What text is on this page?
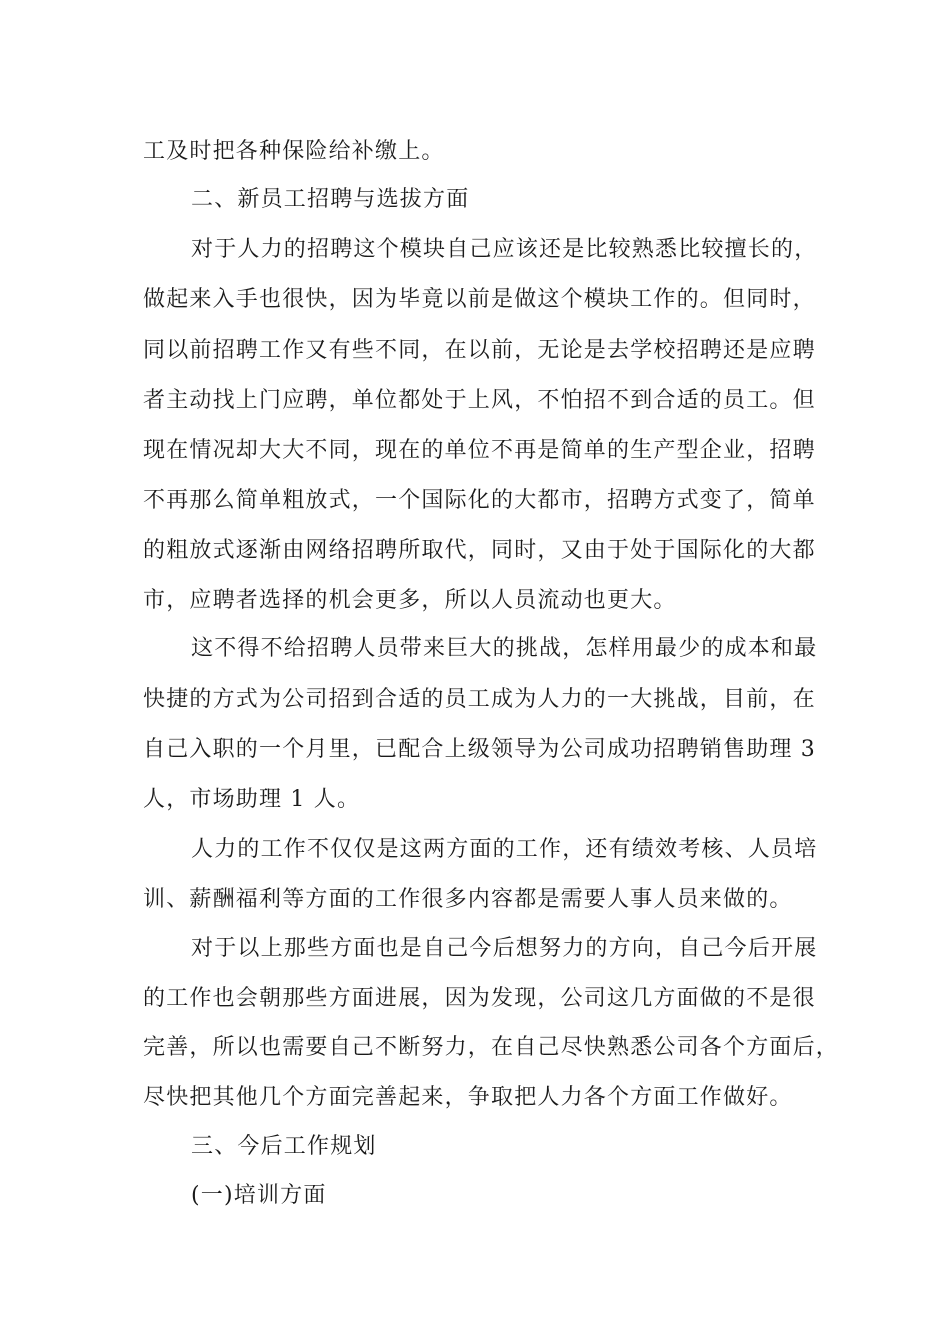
工及时把各种保险给补缴上。
二、新员工招聘与选拔方面
对于人力的招聘这个模块自己应该还是比较熟悉比较擅长的，
做起来入手也很快，因为毕竟以前是做这个模块工作的。但同时，
同以前招聘工作又有些不同，在以前，无论是去学校招聘还是应聘
者主动找上门应聘，单位都处于上风，不怕招不到合适的员工。但
现在情况却大大不同，现在的单位不再是简单的生产型企业，招聘
不再那么简单粗放式，一个国际化的大都市，招聘方式变了，简单
的粗放式逐渐由网络招聘所取代，同时，又由于处于国际化的大都
市，应聘者选择的机会更多，所以人员流动也更大。
这不得不给招聘人员带来巨大的挑战，怎样用最少的成本和最
快捷的方式为公司招到合适的员工成为人力的一大挑战，目前，在
自己入职的一个月里，已配合上级领导为公司成功招聘销售助理 3
人，市场助理 1 人。
人力的工作不仅仅是这两方面的工作，还有绩效考核、人员培
训、薪酬福利等方面的工作很多内容都是需要人事人员来做的。
对于以上那些方面也是自己今后想努力的方向，自己今后开展
的工作也会朝那些方面进展，因为发现，公司这几方面做的不是很
完善，所以也需要自己不断努力，在自己尽快熟悉公司各个方面后，
尽快把其他几个方面完善起来，争取把人力各个方面工作做好。
三、今后工作规划
(一)培训方面
